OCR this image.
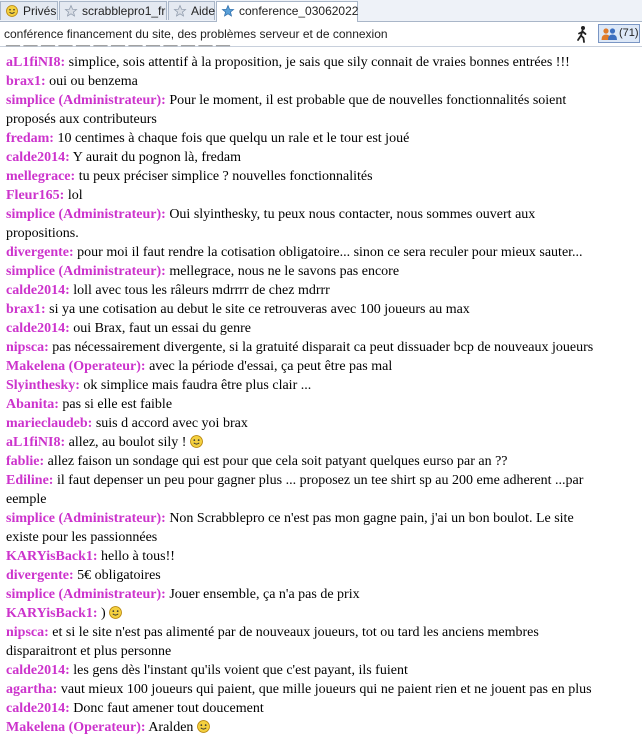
Privés	scrabblepro1_fr	Aide	conference_03062022
conférence financement du site, des problèmes serveur et de connexion	(71)
— — — — — — — — — — — — —
aL1fiNI8: simplice, sois attentif à la proposition, je sais que sily connait de vraies bonnes entrées !!!
brax1: oui ou benzema
simplice (Administrateur): Pour le moment, il est probable que de nouvelles fonctionnalités soient
proposés aux contributeurs
fredam: 10 centimes à chaque fois que quelqu un rale et le tour est joué
calde2014: Y aurait du pognon là, fredam
mellegrace: tu peux préciser simplice ? nouvelles fonctionnalités
Fleur165: lol
simplice (Administrateur): Oui slyinthesky, tu peux nous contacter, nous sommes ouvert aux
propositions.
divergente: pour moi il faut rendre la cotisation obligatoire... sinon ce sera reculer pour mieux sauter...
simplice (Administrateur): mellegrace, nous ne le savons pas encore
calde2014: loll avec tous les râleurs mdrrrr de chez mdrrr
brax1: si ya une cotisation au debut le site ce retrouveras avec 100 joueurs au max
calde2014: oui Brax, faut un essai du genre
nipsca: pas nécessairement divergente, si la gratuité disparait ca peut dissuader bcp de nouveaux joueurs
Makelena (Operateur): avec la période d'essai, ça peut être pas mal
Slyinthesky: ok simplice mais faudra être plus clair ...
Abanita: pas si elle est faible
marieclaudeb: suis d accord avec yoi brax
aL1fiNI8: allez, au boulot sily !
fablie: allez faison un sondage qui est pour que cela soit patyant quelques eurso par an ??
Ediline: il faut depenser un peu pour gagner plus ... proposez un tee shirt sp au 200 eme adherent ...par
eemple
simplice (Administrateur): Non Scrabblepro ce n'est pas mon gagne pain, j'ai un bon boulot. Le site
existe pour les passionnées
KARYisBack1: hello à tous!!
divergente: 5€ obligatoires
simplice (Administrateur): Jouer ensemble, ça n'a pas de prix
KARYisBack1: )
nipsca: et si le site n'est pas alimenté par de nouveaux joueurs, tot ou tard les anciens membres
disparaitront et plus personne
calde2014: les gens dès l'instant qu'ils voient que c'est payant, ils fuient
agartha: vaut mieux 100 joueurs qui paient, que mille joueurs qui ne paient rien et ne jouent pas en plus
calde2014: Donc faut amener tout doucement
Makelena (Operateur): Aralden
